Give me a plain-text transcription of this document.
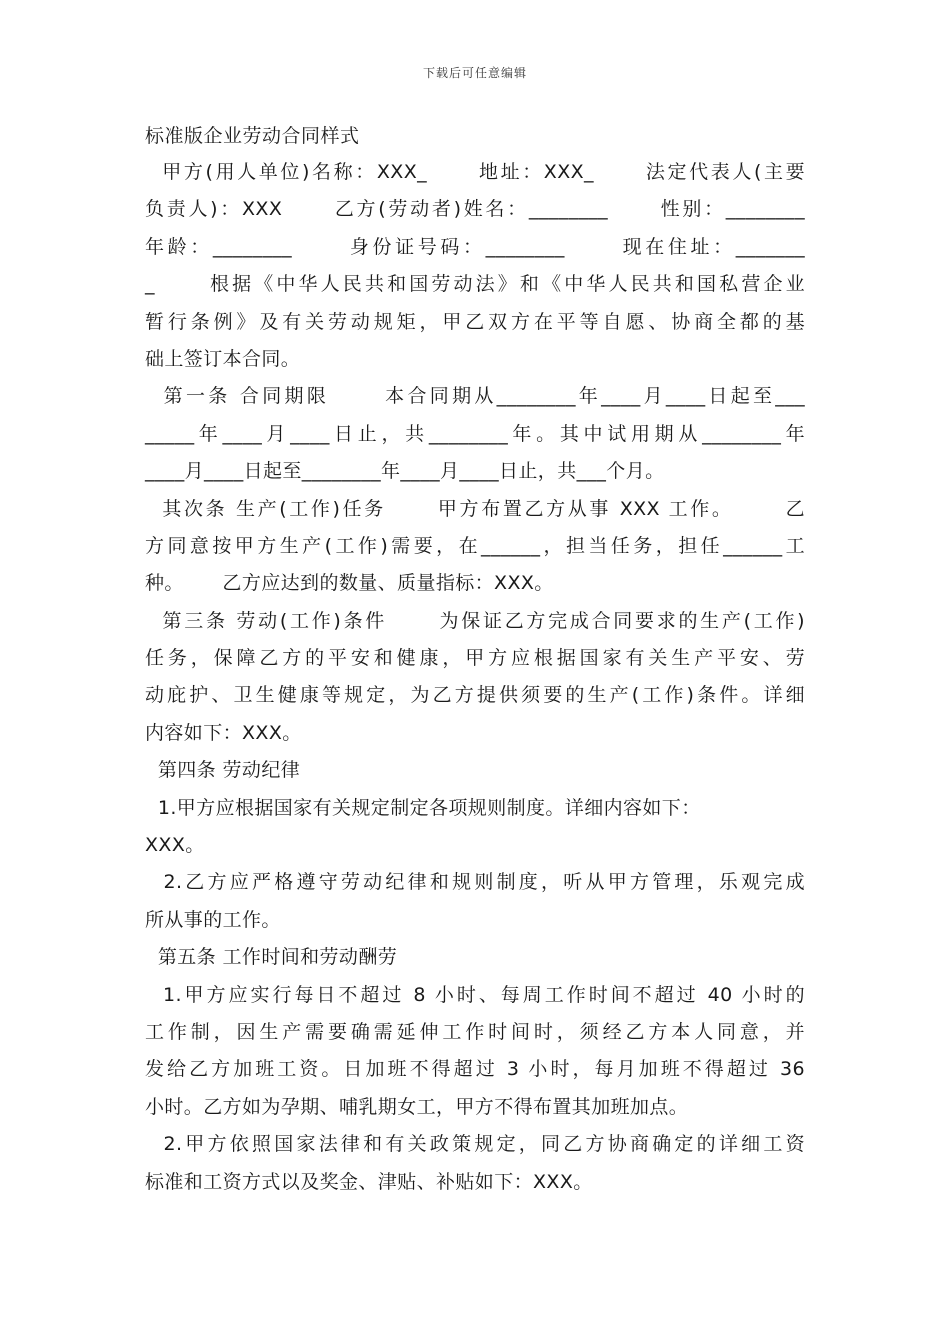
下载后可任意编辑
标准版企业劳动合同样式
甲方(用人单位)名称：XXX_      地址：XXX_      法定代表人(主要
负责人)：XXX      乙方(劳动者)姓名：________      性别：________
年龄：________      身份证号码：________      现在住址：_______
_      根据《中华人民共和国劳动法》和《中华人民共和国私营企业
暂行条例》及有关劳动规矩，甲乙双方在平等自愿、协商全都的基
础上签订本合同。
第一条 合同期限      本合同期从________年____月____日起至___
_____年____月____日止，共________年。其中试用期从________年
____月____日起至________年____月____日止，共___个月。
其次条 生产(工作)任务      甲方布置乙方从事 XXX 工作。      乙
方同意按甲方生产(工作)需要，在______，担当任务，担任______工
种。      乙方应达到的数量、质量指标：XXX。
第三条 劳动(工作)条件      为保证乙方完成合同要求的生产(工作)
任务，保障乙方的平安和健康，甲方应根据国家有关生产平安、劳
动庇护、卫生健康等规定，为乙方提供须要的生产(工作)条件。详细
内容如下：XXX。
第四条 劳动纪律
1.甲方应根据国家有关规定制定各项规则制度。详细内容如下：
XXX。
2.乙方应严格遵守劳动纪律和规则制度，听从甲方管理，乐观完成
所从事的工作。
第五条 工作时间和劳动酬劳
1.甲方应实行每日不超过 8 小时、每周工作时间不超过 40 小时的
工作制，因生产需要确需延伸工作时间时，须经乙方本人同意，并
发给乙方加班工资。日加班不得超过 3 小时，每月加班不得超过 36
小时。乙方如为孕期、哺乳期女工，甲方不得布置其加班加点。
2.甲方依照国家法律和有关政策规定，同乙方协商确定的详细工资
标准和工资方式以及奖金、津贴、补贴如下：XXX。
